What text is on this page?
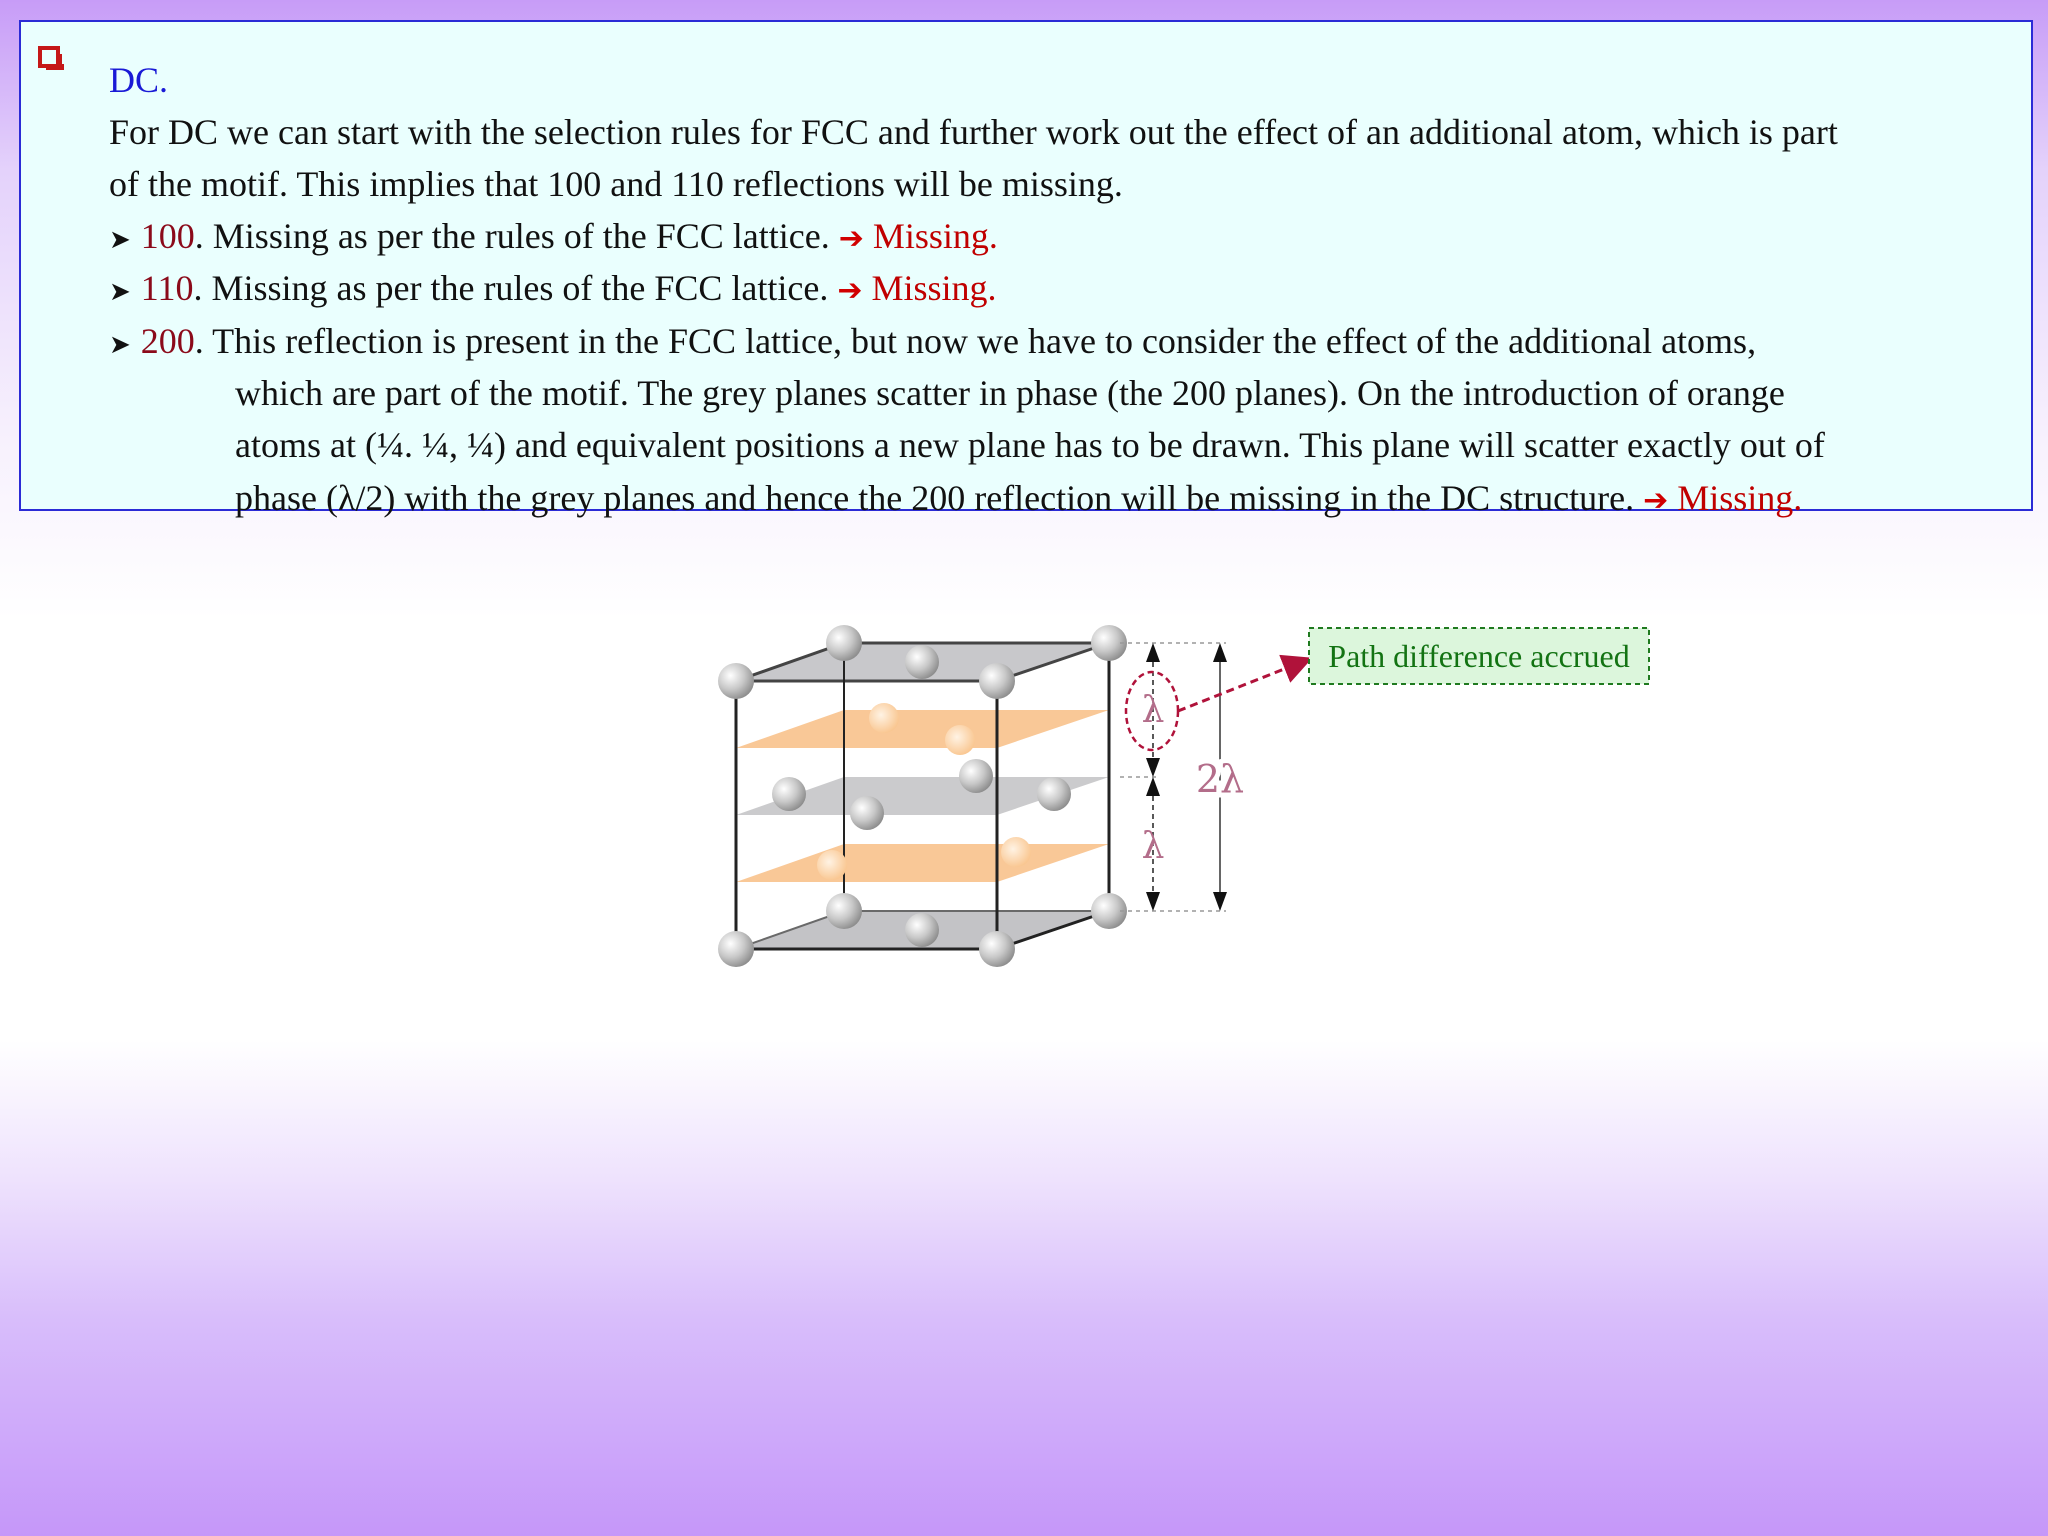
DC.
For DC we can start with the selection rules for FCC and further work out the effect of an additional atom, which is part
of the motif. This implies that 100 and 110 reflections will be missing.
➤ 100. Missing as per the rules of the FCC lattice. ➔ Missing.
➤ 110. Missing as per the rules of the FCC lattice. ➔ Missing.
➤ 200. This reflection is present in the FCC lattice, but now we have to consider the effect of the additional atoms,
which are part of the motif. The grey planes scatter in phase (the 200 planes). On the introduction of orange
atoms at (¼. ¼, ¼) and equivalent positions a new plane has to be drawn. This plane will scatter exactly out of
phase (λ/2) with the grey planes and hence the 200 reflection will be missing in the DC structure. ➔ Missing.
λ
λ
2λ
Path difference accrued
